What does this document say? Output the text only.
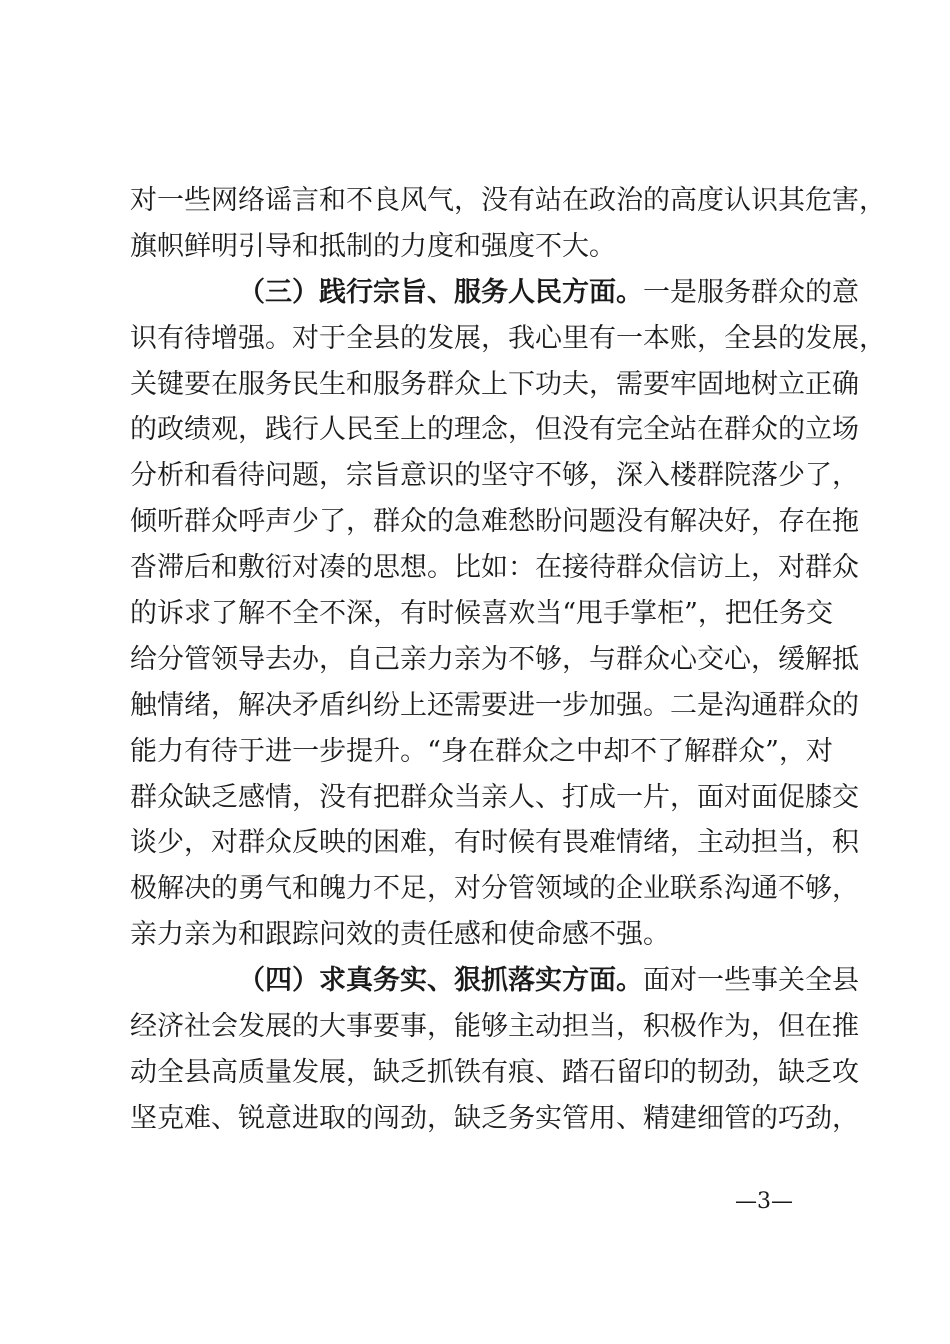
对一些网络谣言和不良风气，没有站在政治的高度认识其危害，
旗帜鲜明引导和抵制的力度和强度不大。
（三）践行宗旨、服务人民方面。一是服务群众的意
识有待增强。对于全县的发展，我心里有一本账，全县的发展，
关键要在服务民生和服务群众上下功夫，需要牢固地树立正确
的政绩观，践行人民至上的理念，但没有完全站在群众的立场
分析和看待问题，宗旨意识的坚守不够，深入楼群院落少了，
倾听群众呼声少了，群众的急难愁盼问题没有解决好，存在拖
沓滞后和敷衍对凑的思想。比如：在接待群众信访上，对群众
的诉求了解不全不深，有时候喜欢当“甩手掌柜”，把任务交
给分管领导去办，自己亲力亲为不够，与群众心交心，缓解抵
触情绪，解决矛盾纠纷上还需要进一步加强。二是沟通群众的
能力有待于进一步提升。“身在群众之中却不了解群众”，对
群众缺乏感情，没有把群众当亲人、打成一片，面对面促膝交
谈少，对群众反映的困难，有时候有畏难情绪，主动担当，积
极解决的勇气和魄力不足，对分管领域的企业联系沟通不够，
亲力亲为和跟踪问效的责任感和使命感不强。
（四）求真务实、狠抓落实方面。面对一些事关全县
经济社会发展的大事要事，能够主动担当，积极作为，但在推
动全县高质量发展，缺乏抓铁有痕、踏石留印的韧劲，缺乏攻
坚克难、锐意进取的闯劲，缺乏务实管用、精建细管的巧劲，
—3—
